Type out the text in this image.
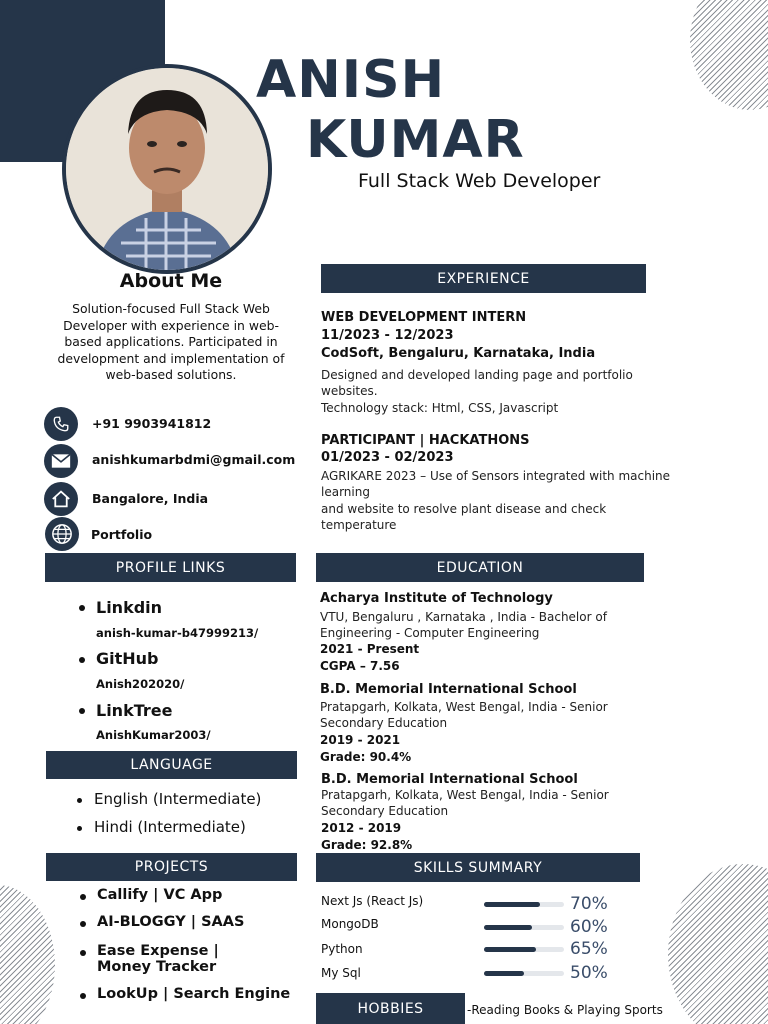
ANISH
KUMAR
Full Stack Web Developer
About Me
Solution-focused Full Stack Web Developer with experience in web-based applications. Participated in development and implementation of web-based solutions.
+91 9903941812
anishkumarbdmi@gmail.com
Bangalore, India
Portfolio
PROFILE LINKS
Linkdin
anish-kumar-b47999213/
GitHub
Anish202020/
LinkTree
AnishKumar2003/
LANGUAGE
English (Intermediate)
Hindi (Intermediate)
PROJECTS
Callify | VC App
AI-BLOGGY | SAAS
Ease Expense |
Money Tracker
LookUp | Search Engine
EXPERIENCE
WEB DEVELOPMENT INTERN
11/2023 - 12/2023
CodSoft, Bengaluru, Karnataka, India
Designed and developed landing page and portfolio
websites.
Technology stack: Html, CSS, Javascript
PARTICIPANT | HACKATHONS
01/2023 - 02/2023
AGRIKARE 2023 – Use of Sensors integrated with machine
learning
and website to resolve plant disease and check
temperature
EDUCATION
Acharya Institute of Technology
VTU, Bengaluru , Karnataka , India - Bachelor of
Engineering - Computer Engineering
2021 - Present
CGPA – 7.56
B.D. Memorial International School
Pratapgarh, Kolkata, West Bengal, India - Senior
Secondary Education
2019 - 2021
Grade: 90.4%
B.D. Memorial International School
Pratapgarh, Kolkata, West Bengal, India - Senior
Secondary Education
2012 - 2019
Grade: 92.8%
SKILLS SUMMARY
Next Js (React Js)	70%
MongoDB	60%
Python	65%
My Sql	50%
HOBBIES	-Reading Books & Playing Sports
